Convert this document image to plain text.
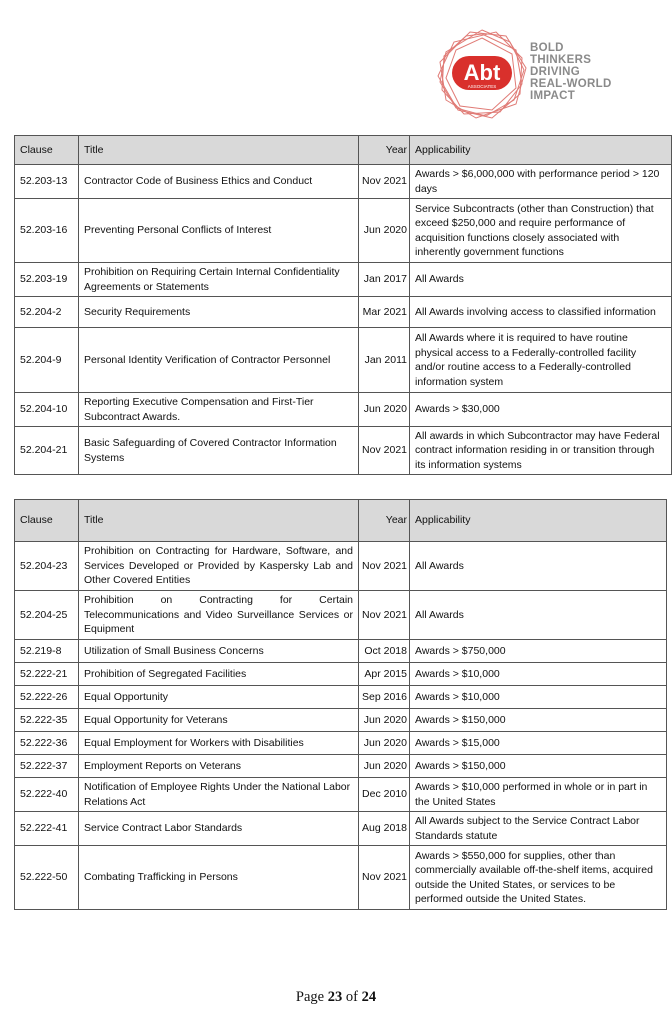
Abt
ASSOCIATES
BOLD
THINKERS
DRIVING
REAL-WORLD
IMPACT
Clause	Title	Year	Applicability
52.203-13	Contractor Code of Business Ethics and Conduct	Nov 2021	Awards > $6,000,000 with performance period > 120 days
52.203-16	Preventing Personal Conflicts of Interest	Jun 2020	Service Subcontracts (other than Construction) that exceed $250,000 and require performance of acquisition functions closely associated with inherently government functions
52.203-19	Prohibition on Requiring Certain Internal Confidentiality Agreements or Statements	Jan 2017	All Awards
52.204-2	Security Requirements	Mar 2021	All Awards involving access to classified information
52.204-9	Personal Identity Verification of Contractor Personnel	Jan 2011	All Awards where it is required to have routine physical access to a Federally-controlled facility and/or routine access to a Federally-controlled information system
52.204-10	Reporting Executive Compensation and First-Tier Subcontract Awards.	Jun 2020	Awards > $30,000
52.204-21	Basic Safeguarding of Covered Contractor Information Systems	Nov 2021	All awards in which Subcontractor may have Federal contract information residing in or transition through its information systems
Clause	Title	Year	Applicability
52.204-23	Prohibition on Contracting for Hardware, Software, and Services Developed or Provided by Kaspersky Lab and Other Covered Entities	Nov 2021	All Awards
52.204-25	Prohibition on Contracting for Certain Telecommunications and Video Surveillance Services or Equipment	Nov 2021	All Awards
52.219-8	Utilization of Small Business Concerns	Oct 2018	Awards > $750,000
52.222-21	Prohibition of Segregated Facilities	Apr 2015	Awards > $10,000
52.222-26	Equal Opportunity	Sep 2016	Awards > $10,000
52.222-35	Equal Opportunity for Veterans	Jun 2020	Awards > $150,000
52.222-36	Equal Employment for Workers with Disabilities	Jun 2020	Awards > $15,000
52.222-37	Employment Reports on Veterans	Jun 2020	Awards > $150,000
52.222-40	Notification of Employee Rights Under the National Labor Relations Act	Dec 2010	Awards > $10,000 performed in whole or in part in the United States
52.222-41	Service Contract Labor Standards	Aug 2018	All Awards subject to the Service Contract Labor Standards statute
52.222-50	Combating Trafficking in Persons	Nov 2021	Awards > $550,000 for supplies, other than commercially available off-the-shelf items, acquired outside the United States, or services to be performed outside the United States.
Page 23 of 24
